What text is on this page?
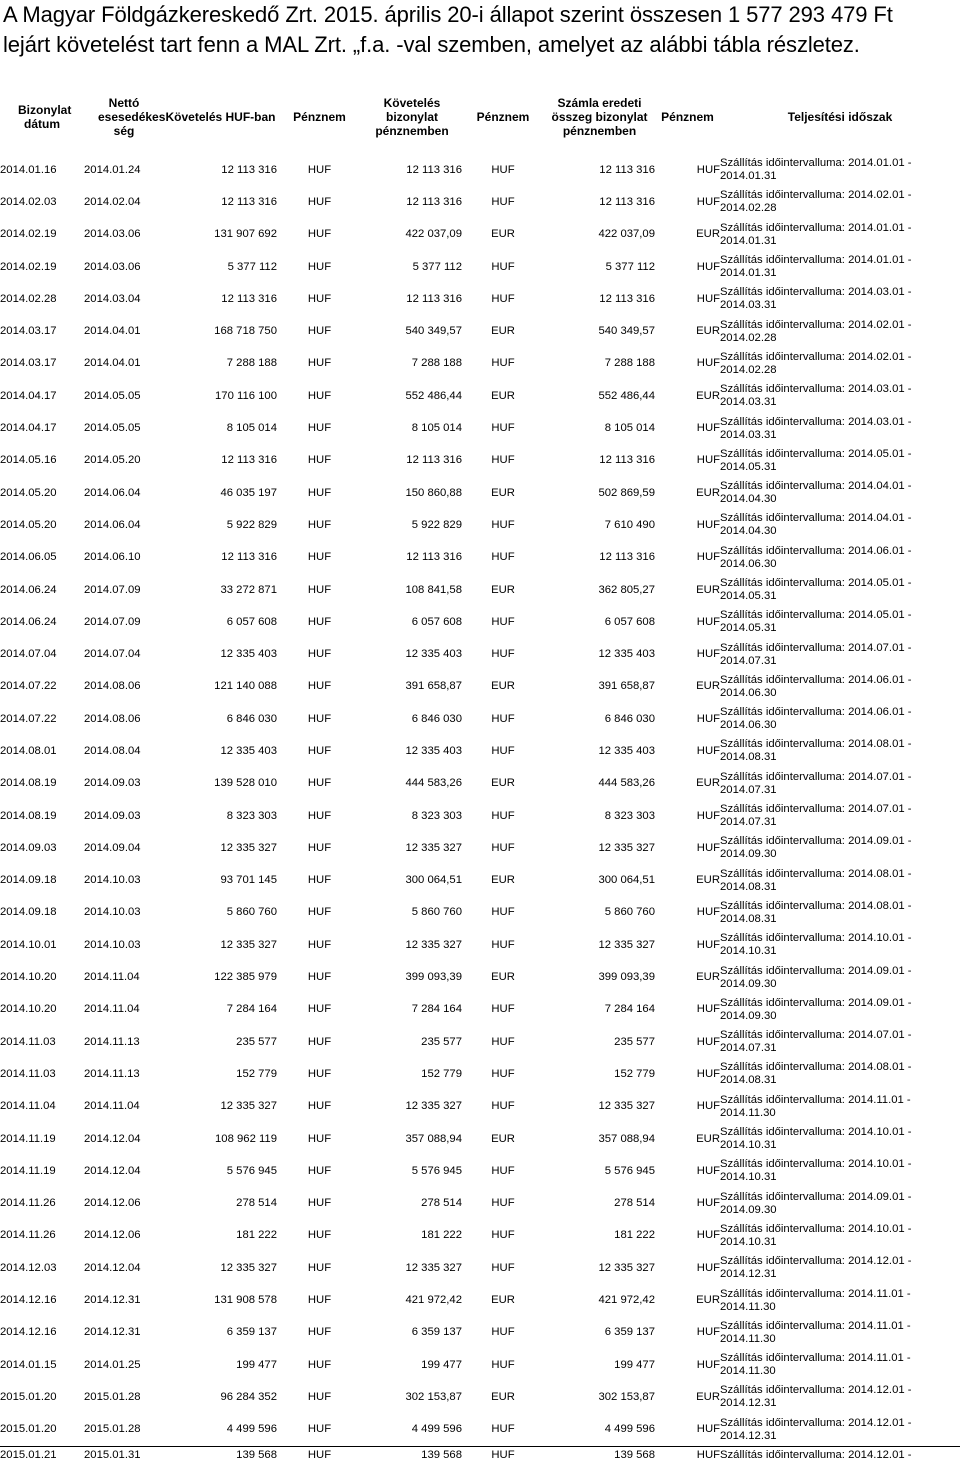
A Magyar Földgázkereskedő Zrt. 2015. április 20-i állapot szerint összesen 1 577 293 479 Ft
lejárt követelést tart fenn a MAL Zrt. „f.a. -val szemben, amelyet az alábbi tábla részletez.
Bizonylat dátum	Nettó esesedékes ség	Követelés HUF-ban	Pénznem	Követelés bizonylat pénznemben	Pénznem	Számla eredeti összeg bizonylat pénznemben	Pénznem	Teljesítési időszak
2014.01.16	2014.01.24	12 113 316	HUF	12 113 316	HUF	12 113 316	HUF	Szállítás időintervalluma: 2014.01.01 -
2014.01.31

2014.02.03	2014.02.04	12 113 316	HUF	12 113 316	HUF	12 113 316	HUF	Szállítás időintervalluma: 2014.02.01 -
2014.02.28

2014.02.19	2014.03.06	131 907 692	HUF	422 037,09	EUR	422 037,09	EUR	Szállítás időintervalluma: 2014.01.01 -
2014.01.31

2014.02.19	2014.03.06	5 377 112	HUF	5 377 112	HUF	5 377 112	HUF	Szállítás időintervalluma: 2014.01.01 -
2014.01.31

2014.02.28	2014.03.04	12 113 316	HUF	12 113 316	HUF	12 113 316	HUF	Szállítás időintervalluma: 2014.03.01 -
2014.03.31

2014.03.17	2014.04.01	168 718 750	HUF	540 349,57	EUR	540 349,57	EUR	Szállítás időintervalluma: 2014.02.01 -
2014.02.28

2014.03.17	2014.04.01	7 288 188	HUF	7 288 188	HUF	7 288 188	HUF	Szállítás időintervalluma: 2014.02.01 -
2014.02.28

2014.04.17	2014.05.05	170 116 100	HUF	552 486,44	EUR	552 486,44	EUR	Szállítás időintervalluma: 2014.03.01 -
2014.03.31

2014.04.17	2014.05.05	8 105 014	HUF	8 105 014	HUF	8 105 014	HUF	Szállítás időintervalluma: 2014.03.01 -
2014.03.31

2014.05.16	2014.05.20	12 113 316	HUF	12 113 316	HUF	12 113 316	HUF	Szállítás időintervalluma: 2014.05.01 -
2014.05.31

2014.05.20	2014.06.04	46 035 197	HUF	150 860,88	EUR	502 869,59	EUR	Szállítás időintervalluma: 2014.04.01 -
2014.04.30

2014.05.20	2014.06.04	5 922 829	HUF	5 922 829	HUF	7 610 490	HUF	Szállítás időintervalluma: 2014.04.01 -
2014.04.30

2014.06.05	2014.06.10	12 113 316	HUF	12 113 316	HUF	12 113 316	HUF	Szállítás időintervalluma: 2014.06.01 -
2014.06.30

2014.06.24	2014.07.09	33 272 871	HUF	108 841,58	EUR	362 805,27	EUR	Szállítás időintervalluma: 2014.05.01 -
2014.05.31

2014.06.24	2014.07.09	6 057 608	HUF	6 057 608	HUF	6 057 608	HUF	Szállítás időintervalluma: 2014.05.01 -
2014.05.31

2014.07.04	2014.07.04	12 335 403	HUF	12 335 403	HUF	12 335 403	HUF	Szállítás időintervalluma: 2014.07.01 -
2014.07.31

2014.07.22	2014.08.06	121 140 088	HUF	391 658,87	EUR	391 658,87	EUR	Szállítás időintervalluma: 2014.06.01 -
2014.06.30

2014.07.22	2014.08.06	6 846 030	HUF	6 846 030	HUF	6 846 030	HUF	Szállítás időintervalluma: 2014.06.01 -
2014.06.30

2014.08.01	2014.08.04	12 335 403	HUF	12 335 403	HUF	12 335 403	HUF	Szállítás időintervalluma: 2014.08.01 -
2014.08.31

2014.08.19	2014.09.03	139 528 010	HUF	444 583,26	EUR	444 583,26	EUR	Szállítás időintervalluma: 2014.07.01 -
2014.07.31

2014.08.19	2014.09.03	8 323 303	HUF	8 323 303	HUF	8 323 303	HUF	Szállítás időintervalluma: 2014.07.01 -
2014.07.31

2014.09.03	2014.09.04	12 335 327	HUF	12 335 327	HUF	12 335 327	HUF	Szállítás időintervalluma: 2014.09.01 -
2014.09.30

2014.09.18	2014.10.03	93 701 145	HUF	300 064,51	EUR	300 064,51	EUR	Szállítás időintervalluma: 2014.08.01 -
2014.08.31

2014.09.18	2014.10.03	5 860 760	HUF	5 860 760	HUF	5 860 760	HUF	Szállítás időintervalluma: 2014.08.01 -
2014.08.31

2014.10.01	2014.10.03	12 335 327	HUF	12 335 327	HUF	12 335 327	HUF	Szállítás időintervalluma: 2014.10.01 -
2014.10.31

2014.10.20	2014.11.04	122 385 979	HUF	399 093,39	EUR	399 093,39	EUR	Szállítás időintervalluma: 2014.09.01 -
2014.09.30

2014.10.20	2014.11.04	7 284 164	HUF	7 284 164	HUF	7 284 164	HUF	Szállítás időintervalluma: 2014.09.01 -
2014.09.30

2014.11.03	2014.11.13	235 577	HUF	235 577	HUF	235 577	HUF	Szállítás időintervalluma: 2014.07.01 -
2014.07.31

2014.11.03	2014.11.13	152 779	HUF	152 779	HUF	152 779	HUF	Szállítás időintervalluma: 2014.08.01 -
2014.08.31

2014.11.04	2014.11.04	12 335 327	HUF	12 335 327	HUF	12 335 327	HUF	Szállítás időintervalluma: 2014.11.01 -
2014.11.30

2014.11.19	2014.12.04	108 962 119	HUF	357 088,94	EUR	357 088,94	EUR	Szállítás időintervalluma: 2014.10.01 -
2014.10.31

2014.11.19	2014.12.04	5 576 945	HUF	5 576 945	HUF	5 576 945	HUF	Szállítás időintervalluma: 2014.10.01 -
2014.10.31

2014.11.26	2014.12.06	278 514	HUF	278 514	HUF	278 514	HUF	Szállítás időintervalluma: 2014.09.01 -
2014.09.30

2014.11.26	2014.12.06	181 222	HUF	181 222	HUF	181 222	HUF	Szállítás időintervalluma: 2014.10.01 -
2014.10.31

2014.12.03	2014.12.04	12 335 327	HUF	12 335 327	HUF	12 335 327	HUF	Szállítás időintervalluma: 2014.12.01 -
2014.12.31

2014.12.16	2014.12.31	131 908 578	HUF	421 972,42	EUR	421 972,42	EUR	Szállítás időintervalluma: 2014.11.01 -
2014.11.30

2014.12.16	2014.12.31	6 359 137	HUF	6 359 137	HUF	6 359 137	HUF	Szállítás időintervalluma: 2014.11.01 -
2014.11.30

2014.01.15	2014.01.25	199 477	HUF	199 477	HUF	199 477	HUF	Szállítás időintervalluma: 2014.11.01 -
2014.11.30

2015.01.20	2015.01.28	96 284 352	HUF	302 153,87	EUR	302 153,87	EUR	Szállítás időintervalluma: 2014.12.01 -
2014.12.31

2015.01.20	2015.01.28	4 499 596	HUF	4 499 596	HUF	4 499 596	HUF	Szállítás időintervalluma: 2014.12.01 -
2014.12.31

2015.01.21	2015.01.31	139 568	HUF	139 568	HUF	139 568	HUF	Szállítás időintervalluma: 2014.12.01 -
